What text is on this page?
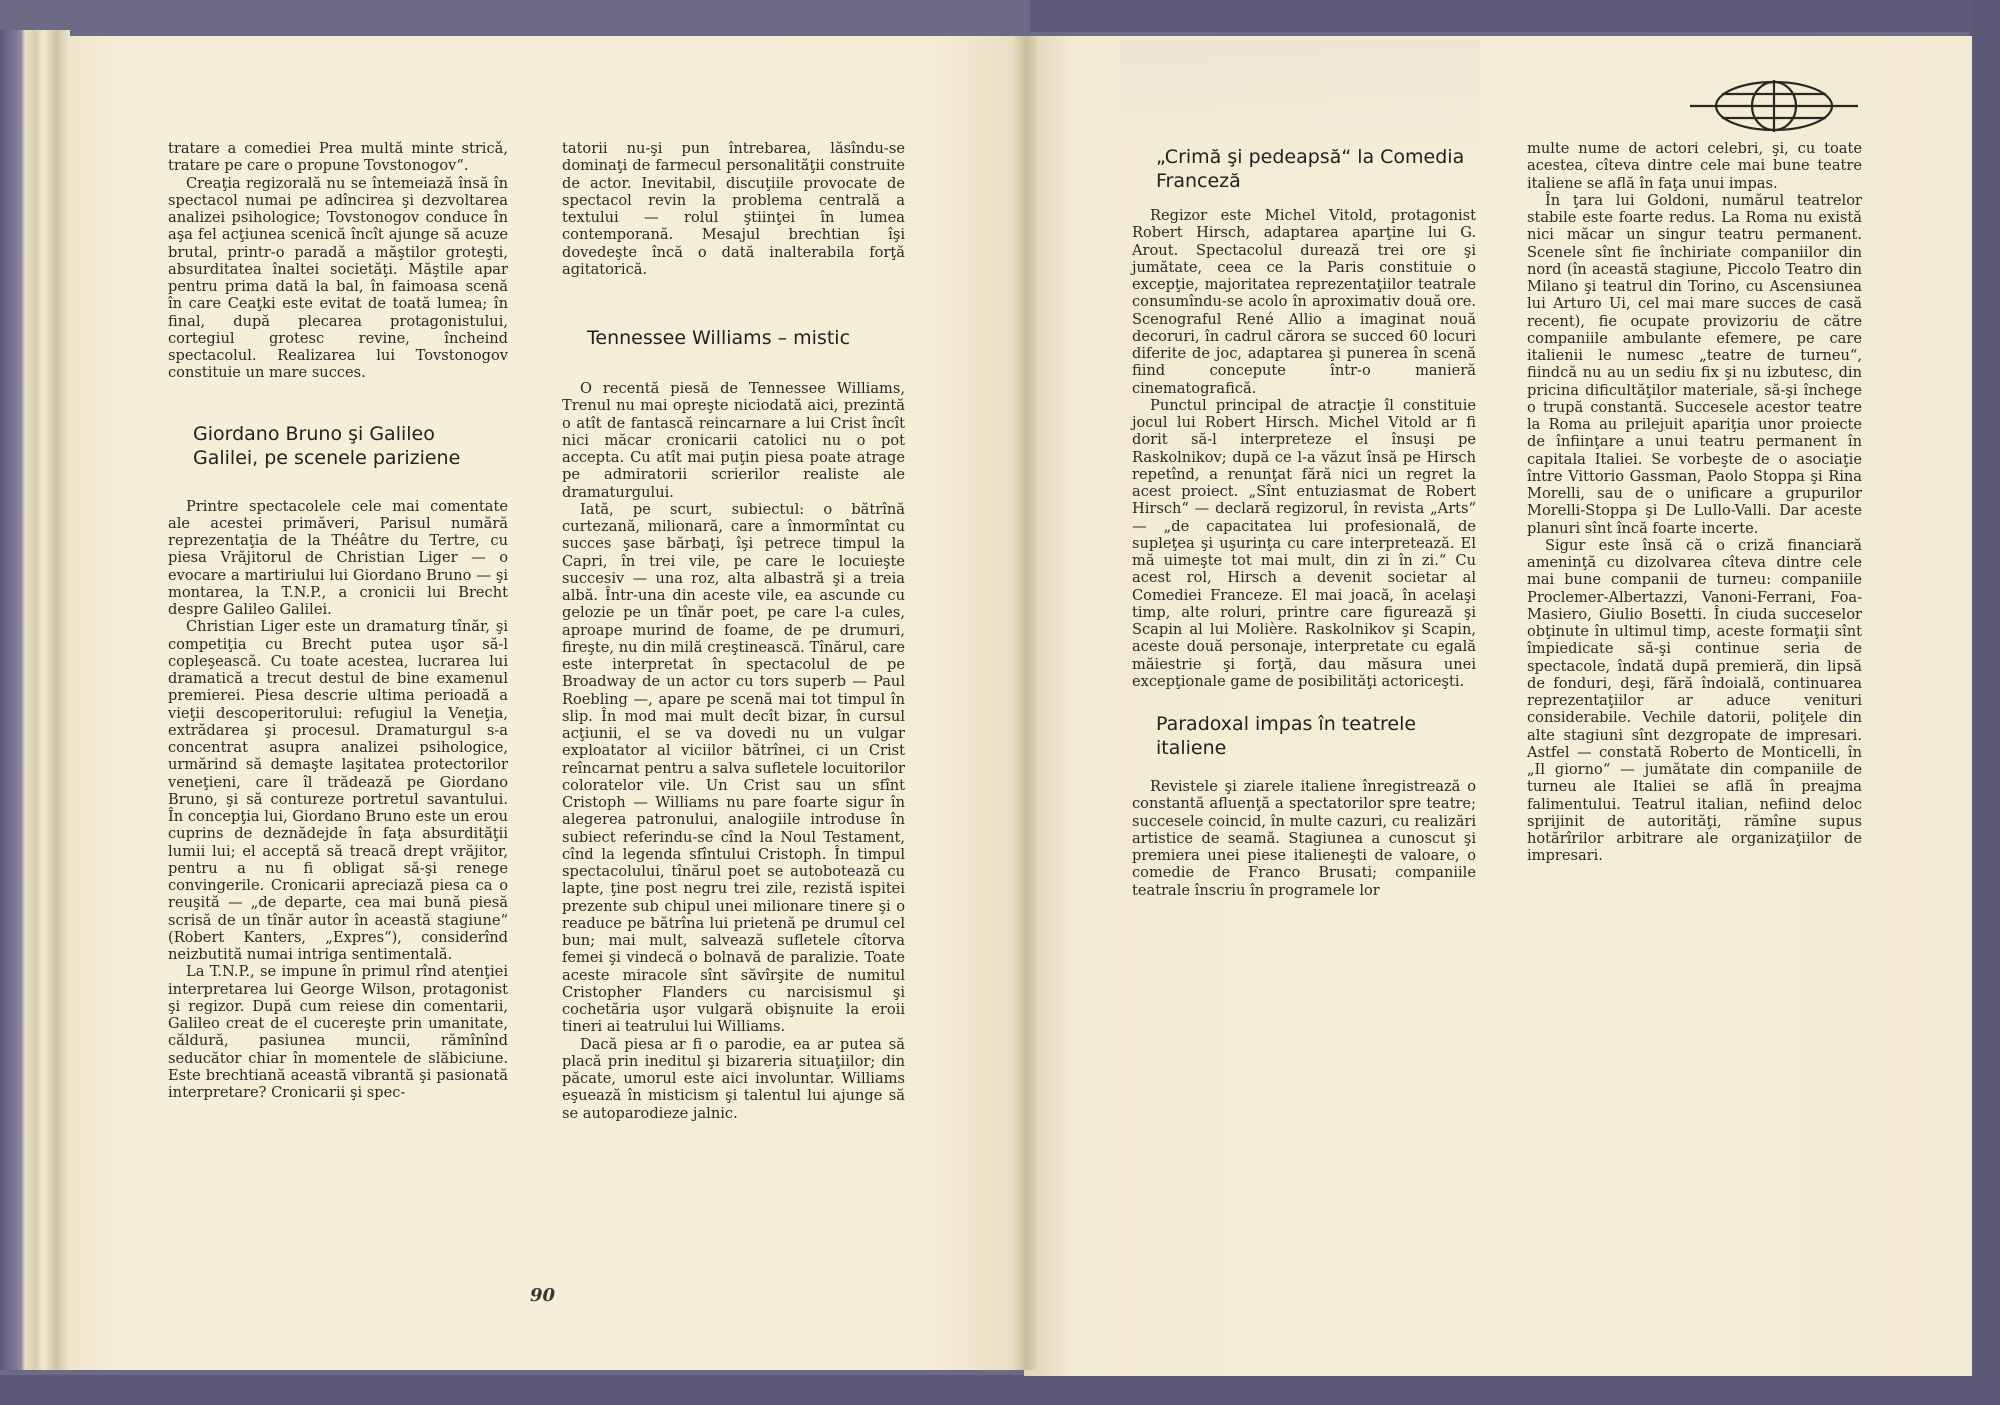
tratare a comediei Prea multă minte stricǎ, tratare pe care o propune Tovstonogov“.

Creaţia regizorală nu se întemeiază însă în spectacol numai pe adîncirea şi dezvoltarea analizei psihologice; Tovstonogov conduce în aşa fel acţiunea scenică încît ajunge să acuze brutal, printr-o paradă a măştilor groteşti, absurditatea înaltei societăţi. Măştile apar pentru prima dată la bal, în faimoasa scenă în care Ceaţki este evitat de toată lumea; în final, după plecarea protagonistului, cortegiul grotesc revine, încheind spectacolul. Realizarea lui Tovstonogov constituie un mare succes.

Giordano Bruno şi Galileo Galilei, pe scenele pariziene

Printre spectacolele cele mai comentate ale acestei primăveri, Parisul numără reprezentaţia de la Théâtre du Tertre, cu piesa Vrăjitorul de Christian Liger — o evocare a martiriului lui Giordano Bruno — şi montarea, la T.N.P., a cronicii lui Brecht despre Galileo Galilei.

Christian Liger este un dramaturg tînăr, şi competiţia cu Brecht putea uşor să-l copleşească. Cu toate acestea, lucrarea lui dramatică a trecut destul de bine examenul premierei. Piesa descrie ultima perioadă a vieţii descoperitorului: refugiul la Veneţia, extrădarea şi procesul. Dramaturgul s-a concentrat asupra analizei psihologice, urmărind să demaşte laşitatea protectorilor veneţieni, care îl trădează pe Giordano Bruno, şi să contureze portretul savantului. În concepţia lui, Giordano Bruno este un erou cuprins de deznădejde în faţa absurdităţii lumii lui; el acceptă să treacă drept vrăjitor, pentru a nu fi obligat să-şi renege convingerile. Cronicarii apreciază piesa ca o reuşită — „de departe, cea mai bună piesă scrisă de un tînăr autor în această stagiune“ (Robert Kanters, „Expres“), considerînd neizbutită numai intriga sentimentală.

La T.N.P., se impune în primul rînd atenţiei interpretarea lui George Wilson, protagonist şi regizor. După cum reiese din comentarii, Galileo creat de el cucereşte prin umanitate, căldură, pasiunea muncii, rămînînd seducător chiar în momentele de slăbiciune. Este brechtiană această vibrantă şi pasionată interpretare? Cronicarii şi spec-

tatorii nu-şi pun întrebarea, lăsîndu-se dominaţi de farmecul personalităţii construite de actor. Inevitabil, discuţiile provocate de spectacol revin la problema centrală a textului — rolul ştiinţei în lumea contemporană. Mesajul brechtian îşi dovedeşte încă o dată inalterabila forţă agitatorică.

Tennessee Williams – mistic

O recentă piesă de Tennessee Williams, Trenul nu mai opreşte niciodată aici, prezintă o atît de fantască reincarnare a lui Crist încît nici măcar cronicarii catolici nu o pot accepta. Cu atît mai puţin piesa poate atrage pe admiratorii scrierilor realiste ale dramaturgului.

Iată, pe scurt, subiectul: o bătrînă curtezană, milionară, care a înmormîntat cu succes şase bărbaţi, îşi petrece timpul la Capri, în trei vile, pe care le locuieşte succesiv — una roz, alta albastră şi a treia albă. Într-una din aceste vile, ea ascunde cu gelozie pe un tînăr poet, pe care l-a cules, aproape murind de foame, de pe drumuri, fireşte, nu din milă creştinească. Tînărul, care este interpretat în spectacolul de pe Broadway de un actor cu tors superb — Paul Roebling —, apare pe scenă mai tot timpul în slip. În mod mai mult decît bizar, în cursul acţiunii, el se va dovedi nu un vulgar exploatator al viciilor bătrînei, ci un Crist reîncarnat pentru a salva sufletele locuitorilor coloratelor vile. Un Crist sau un sfînt Cristoph — Williams nu pare foarte sigur în alegerea patronului, analogiile introduse în subiect referindu-se cînd la Noul Testament, cînd la legenda sfîntului Cristoph. În timpul spectacolului, tînărul poet se autobotează cu lapte, ţine post negru trei zile, rezistă ispitei prezente sub chipul unei milionare tinere şi o readuce pe bătrîna lui prietenă pe drumul cel bun; mai mult, salvează sufletele cîtorva femei şi vindecă o bolnavă de paralizie. Toate aceste miracole sînt săvîrşite de numitul Cristopher Flanders cu narcisismul şi cochetăria uşor vulgară obişnuite la eroii tineri ai teatrului lui Williams.

Dacă piesa ar fi o parodie, ea ar putea să placă prin ineditul şi bizareria situaţiilor; din păcate, umorul este aici involuntar. Williams eşuează în misticism şi talentul lui ajunge să se autoparodieze jalnic.

90
„Crimă şi pedeapsă“ la Comedia Franceză

Regizor este Michel Vitold, protagonist Robert Hirsch, adaptarea aparţine lui G. Arout. Spectacolul durează trei ore şi jumătate, ceea ce la Paris constituie o excepţie, majoritatea reprezentaţiilor teatrale consumîndu-se acolo în aproximativ două ore. Scenograful René Allio a imaginat nouă decoruri, în cadrul cărora se succed 60 locuri diferite de joc, adaptarea şi punerea în scenă fiind concepute într-o manieră cinematografică.

Punctul principal de atracţie îl constituie jocul lui Robert Hirsch. Michel Vitold ar fi dorit să-l interpreteze el însuşi pe Raskolnikov; după ce l-a văzut însă pe Hirsch repetînd, a renunţat fără nici un regret la acest proiect. „Sînt entuziasmat de Robert Hirsch“ — declară regizorul, în revista „Arts“ — „de capacitatea lui profesională, de supleţea şi uşurinţa cu care interpretează. El mă uimeşte tot mai mult, din zi în zi.“ Cu acest rol, Hirsch a devenit societar al Comediei Franceze. El mai joacă, în acelaşi timp, alte roluri, printre care figurează şi Scapin al lui Molière. Raskolnikov şi Scapin, aceste două personaje, interpretate cu egală măiestrie şi forţă, dau măsura unei excepţionale game de posibilităţi actoriceşti.

Paradoxal impas în teatrele italiene

Revistele şi ziarele italiene înregistrează o constantă afluenţă a spectatorilor spre teatre; succesele coincid, în multe cazuri, cu realizări artistice de seamă. Stagiunea a cunoscut şi premiera unei piese italieneşti de valoare, o comedie de Franco Brusati; companiile teatrale înscriu în programele lor

multe nume de actori celebri, şi, cu toate acestea, cîteva dintre cele mai bune teatre italiene se află în faţa unui impas.

În ţara lui Goldoni, numărul teatrelor stabile este foarte redus. La Roma nu există nici măcar un singur teatru permanent. Scenele sînt fie închiriate companiilor din nord (în această stagiune, Piccolo Teatro din Milano şi teatrul din Torino, cu Ascensiunea lui Arturo Ui, cel mai mare succes de casă recent), fie ocupate provizoriu de către companiile ambulante efemere, pe care italienii le numesc „teatre de turneu“, fiindcă nu au un sediu fix şi nu izbutesc, din pricina dificultăţilor materiale, să-şi închege o trupă constantă. Succesele acestor teatre la Roma au prilejuit apariţia unor proiecte de înfiinţare a unui teatru permanent în capitala Italiei. Se vorbeşte de o asociaţie între Vittorio Gassman, Paolo Stoppa şi Rina Morelli, sau de o unificare a grupurilor Morelli-Stoppa şi De Lullo-Valli. Dar aceste planuri sînt încă foarte incerte.

Sigur este însă că o criză financiară ameninţă cu dizolvarea cîteva dintre cele mai bune companii de turneu: companiile Proclemer-Albertazzi, Vanoni-Ferrani, Foa-Masiero, Giulio Bosetti. În ciuda succeselor obţinute în ultimul timp, aceste formaţii sînt împiedicate să-şi continue seria de spectacole, îndată după premieră, din lipsă de fonduri, deşi, fără îndoială, continuarea reprezentaţiilor ar aduce venituri considerabile. Vechile datorii, poliţele din alte stagiuni sînt dezgropate de impresari. Astfel — constată Roberto de Monticelli, în „Il giorno“ — jumătate din companiile de turneu ale Italiei se află în preajma falimentului. Teatrul italian, nefiind deloc sprijinit de autorităţi, rămîne supus hotărîrilor arbitrare ale organizaţiilor de impresari.
